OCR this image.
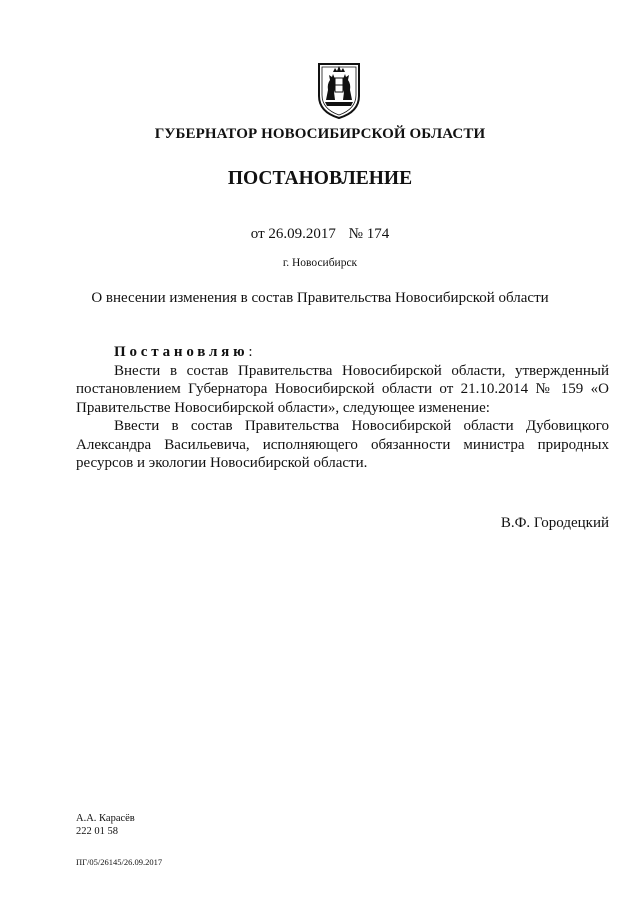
ГУБЕРНАТОР НОВОСИБИРСКОЙ ОБЛАСТИ
ПОСТАНОВЛЕНИЕ
от 26.09.2017 № 174
г. Новосибирск
О внесении изменения в состав Правительства Новосибирской области
Постановляю:
Внести в состав Правительства Новосибирской области, утвержденный постановлением Губернатора Новосибирской области от 21.10.2014 № 159 «О Правительстве Новосибирской области», следующее изменение:
Ввести в состав Правительства Новосибирской области Дубовицкого Александра Васильевича, исполняющего обязанности министра природных ресурсов и экологии Новосибирской области.
В.Ф. Городецкий
А.А. Карасёв
222 01 58
ПГ/05/26145/26.09.2017
